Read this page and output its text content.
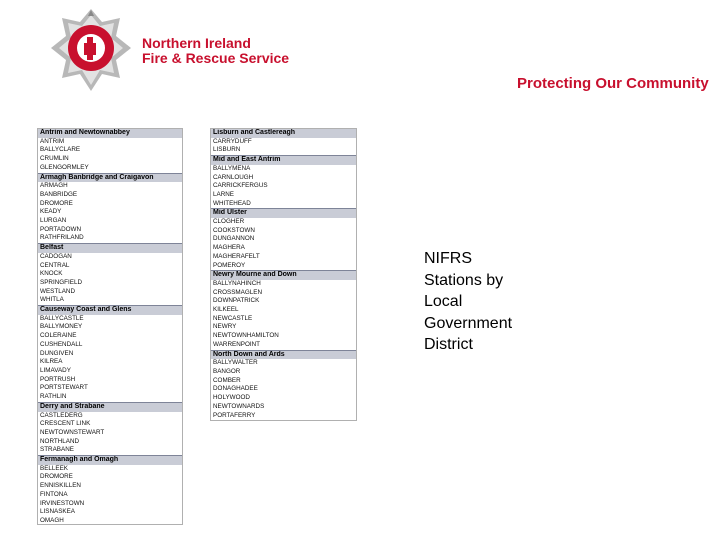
Northern Ireland
Fire & Rescue Service
Protecting Our Community
Antrim and Newtownabbey
ANTRIM
BALLYCLARE
CRUMLIN
GLENGORMLEY
Armagh Banbridge and Craigavon
ARMAGH
BANBRIDGE
DROMORE
KEADY
LURGAN
PORTADOWN
RATHFRILAND
Belfast
CADOGAN
CENTRAL
KNOCK
SPRINGFIELD
WESTLAND
WHITLA
Causeway Coast and Glens
BALLYCASTLE
BALLYMONEY
COLERAINE
CUSHENDALL
DUNGIVEN
KILREA
LIMAVADY
PORTRUSH
PORTSTEWART
RATHLIN
Derry and Strabane
CASTLEDERG
CRESCENT LINK
NEWTOWNSTEWART
NORTHLAND
STRABANE
Fermanagh and Omagh
BELLEEK
DROMORE
ENNISKILLEN
FINTONA
IRVINESTOWN
LISNASKEA
OMAGH
Lisburn and Castlereagh
CARRYDUFF
LISBURN
Mid and East Antrim
BALLYMENA
CARNLOUGH
CARRICKFERGUS
LARNE
WHITEHEAD
Mid Ulster
CLOGHER
COOKSTOWN
DUNGANNON
MAGHERA
MAGHERAFELT
POMEROY
Newry Mourne and Down
BALLYNAHINCH
CROSSMAGLEN
DOWNPATRICK
KILKEEL
NEWCASTLE
NEWRY
NEWTOWNHAMILTON
WARRENPOINT
North Down and Ards
BALLYWALTER
BANGOR
COMBER
DONAGHADEE
HOLYWOOD
NEWTOWNARDS
PORTAFERRY
NIFRS
Stations by
Local
Government
District
